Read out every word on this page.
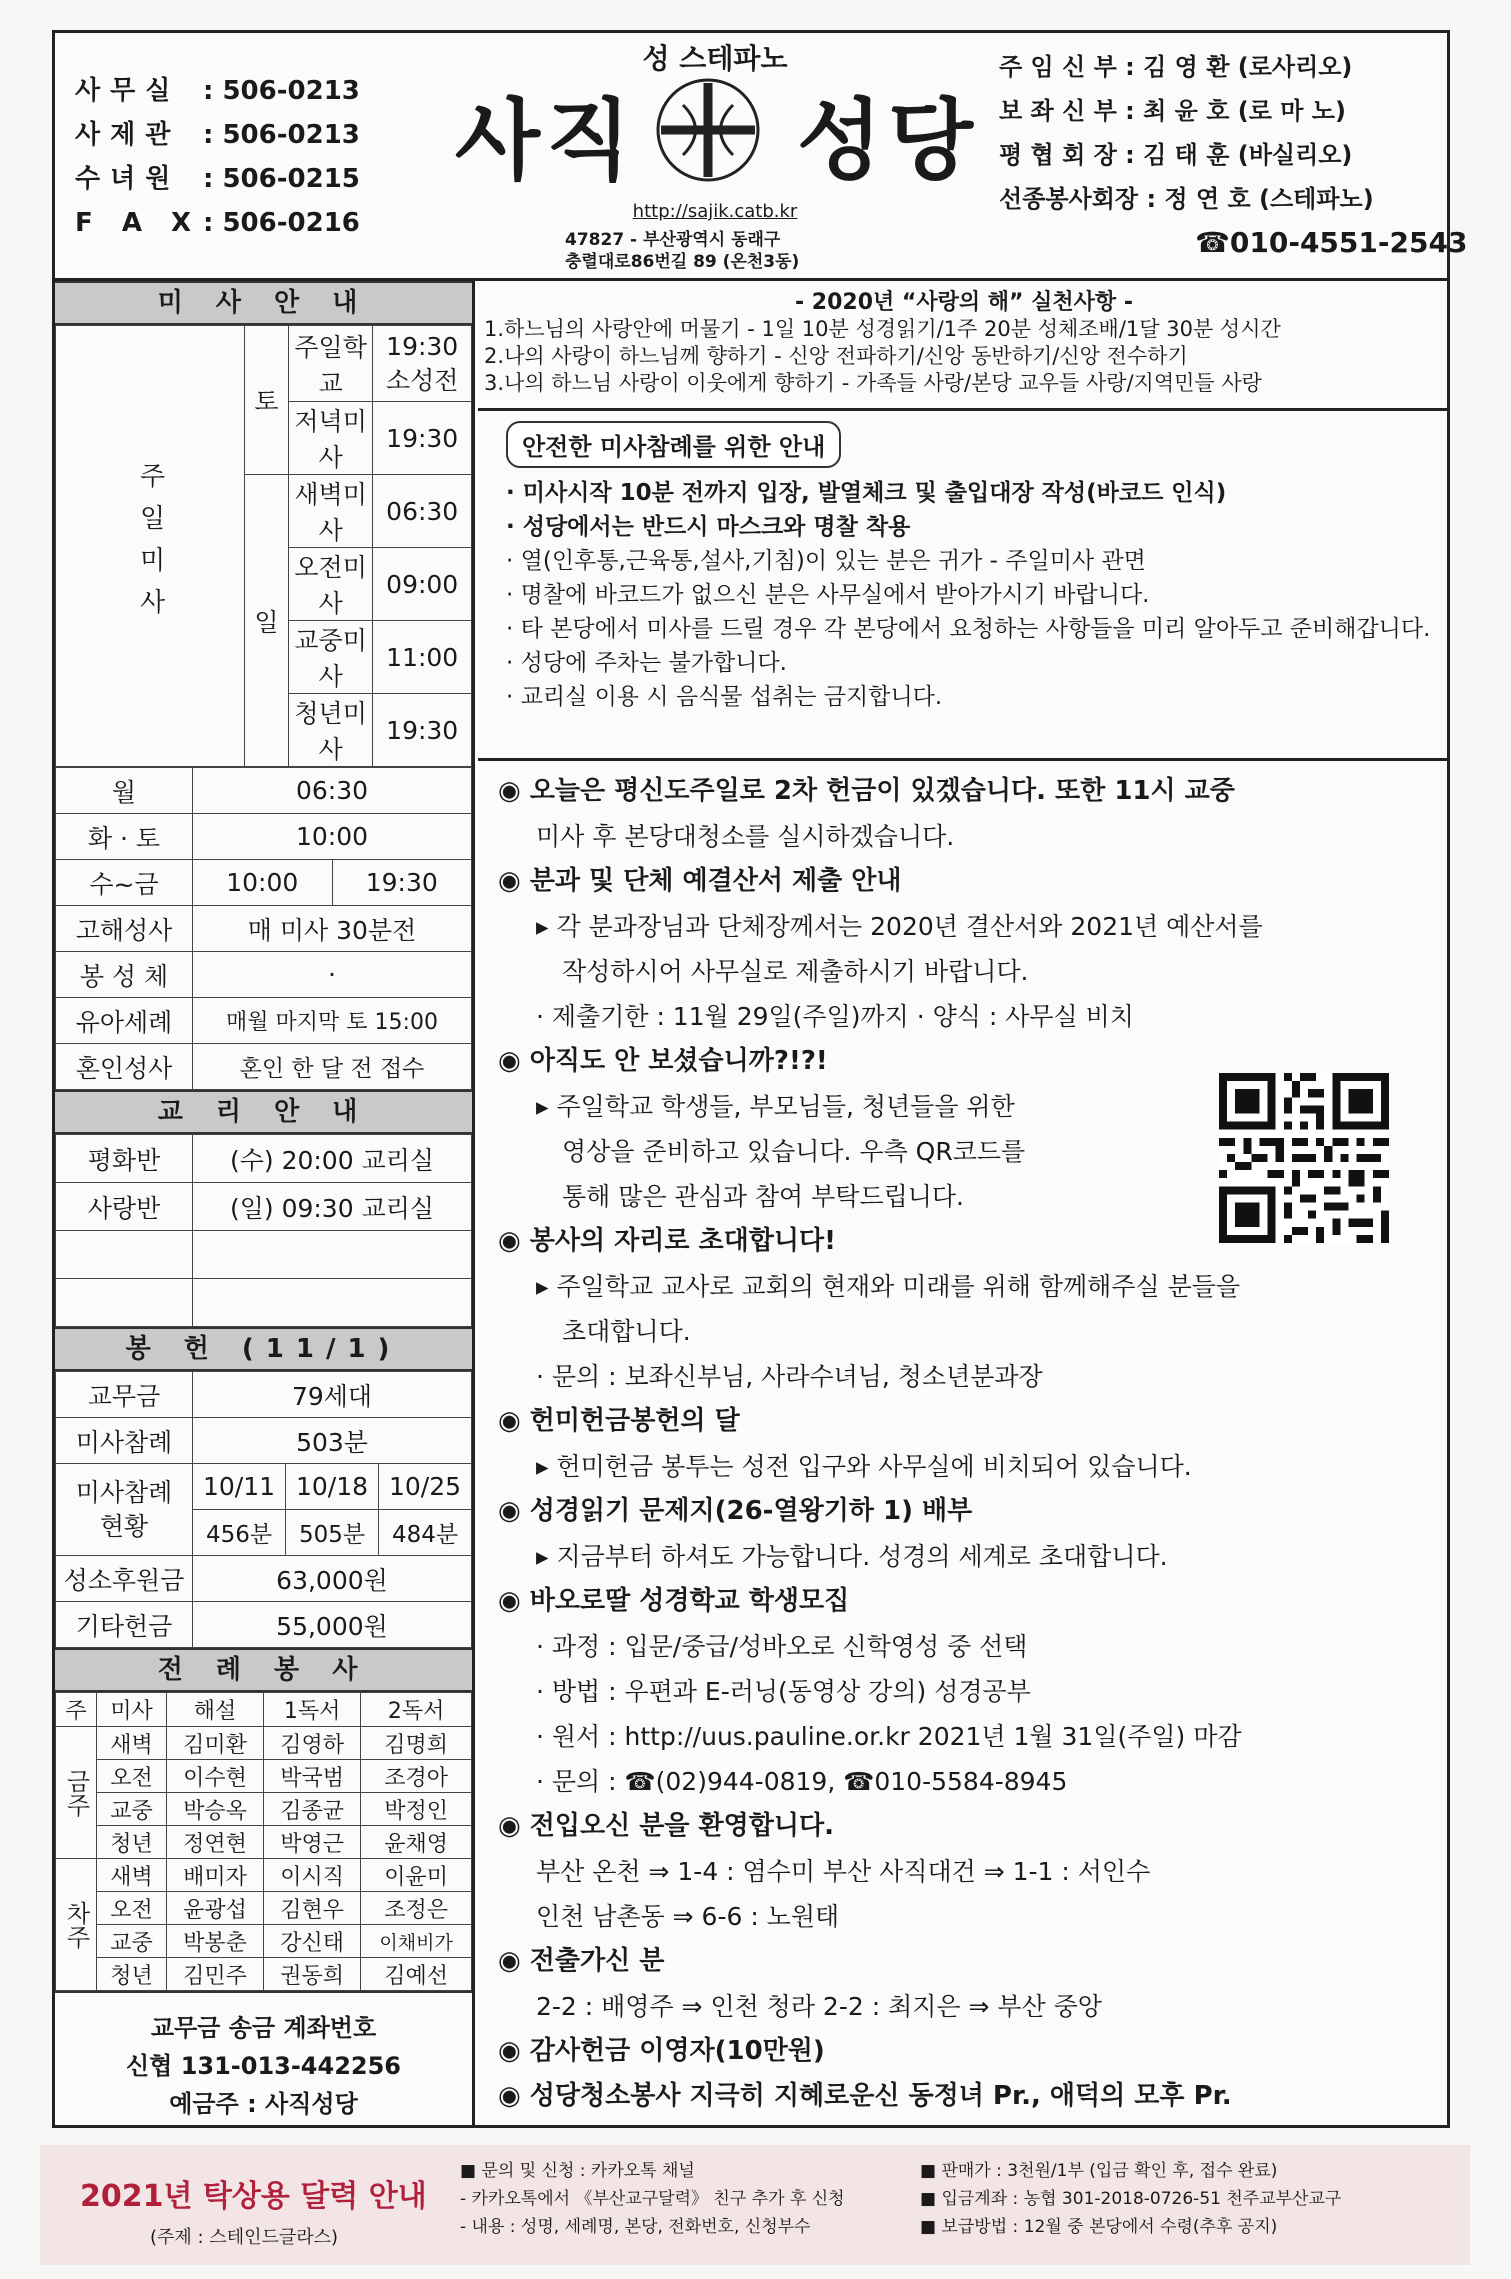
사무실 : 506-0213
사제관 : 506-0213
수녀원 : 506-0215
F A X : 506-0216
성 스테파노
사직 성당
http://sajik.catb.kr
47827 - 부산광역시 동래구
충렬대로86번길 89 (온천3동)
주 임 신 부 : 김 영 환 (로사리오)
보 좌 신 부 : 최 윤 호 (로 마 노)
평 협 회 장 : 김 태 훈 (바실리오)
선종봉사회장 : 정 연 호 (스테파노)
☎010-4551-2543
미 사 안 내
주일미사	토	주일학교	19:30 소성전
		저녁미사	19:30
	일	새벽미사	06:30
		오전미사	09:00
		교중미사	11:00
		청년미사	19:30
월	06:30	
화 · 토	10:00	
수~금	10:00	19:30
고해성사	매 미사 30분전	
봉 성 체	·	
유아세례	매월 마지막 토 15:00	
혼인성사	혼인 한 달 전 접수	
교 리 안 내
평화반	(수) 20:00 교리실
사랑반	(일) 09:30 교리실

봉 헌 (11/1)
교무금	79세대		
미사참례	503분		

미사참례
현황	10/11	10/18	10/25
	456분	505분	484분
성소후원금	63,000원		
기타헌금	55,000원		
전 례 봉 사
주	미사	해설	1독서	2독서
금주	새벽	김미환	김영하	김명희
	오전	이수현	박국범	조경아
	교중	박승옥	김종균	박정인
	청년	정연현	박영근	윤채영
차주	새벽	배미자	이시직	이윤미
	오전	윤광섭	김현우	조정은
	교중	박봉춘	강신태	이채비가
	청년	김민주	권동희	김예선
교무금 송금 계좌번호
신협 131-013-442256
예금주 : 사직성당
- 2020년 “사랑의 해” 실천사항 -
1.하느님의 사랑안에 머물기 - 1일 10분 성경읽기/1주 20분 성체조배/1달 30분 성시간
2.나의 사랑이 하느님께 향하기 - 신앙 전파하기/신앙 동반하기/신앙 전수하기
3.나의 하느님 사랑이 이웃에게 향하기 - 가족들 사랑/본당 교우들 사랑/지역민들 사랑
안전한 미사참례를 위한 안내
· 미사시작 10분 전까지 입장, 발열체크 및 출입대장 작성(바코드 인식)
· 성당에서는 반드시 마스크와 명찰 착용
· 열(인후통,근육통,설사,기침)이 있는 분은 귀가 - 주일미사 관면
· 명찰에 바코드가 없으신 분은 사무실에서 받아가시기 바랍니다.
· 타 본당에서 미사를 드릴 경우 각 본당에서 요청하는 사항들을 미리 알아두고 준비해갑니다.
· 성당에 주차는 불가합니다.
· 교리실 이용 시 음식물 섭취는 금지합니다.
◉ 오늘은 평신도주일로 2차 헌금이 있겠습니다. 또한 11시 교중
미사 후 본당대청소를 실시하겠습니다.
◉ 분과 및 단체 예결산서 제출 안내
▸ 각 분과장님과 단체장께서는 2020년 결산서와 2021년 예산서를
작성하시어 사무실로 제출하시기 바랍니다.
· 제출기한 : 11월 29일(주일)까지 · 양식 : 사무실 비치
◉ 아직도 안 보셨습니까?!?!
▸ 주일학교 학생들, 부모님들, 청년들을 위한
영상을 준비하고 있습니다. 우측 QR코드를
통해 많은 관심과 참여 부탁드립니다.
◉ 봉사의 자리로 초대합니다!
▸ 주일학교 교사로 교회의 현재와 미래를 위해 함께해주실 분들을
초대합니다.
· 문의 : 보좌신부님, 사라수녀님, 청소년분과장
◉ 헌미헌금봉헌의 달
▸ 헌미헌금 봉투는 성전 입구와 사무실에 비치되어 있습니다.
◉ 성경읽기 문제지(26-열왕기하 1) 배부
▸ 지금부터 하셔도 가능합니다. 성경의 세계로 초대합니다.
◉ 바오로딸 성경학교 학생모집
· 과정 : 입문/중급/성바오로 신학영성 중 선택
· 방법 : 우편과 E-러닝(동영상 강의) 성경공부
· 원서 : http://uus.pauline.or.kr 2021년 1월 31일(주일) 마감
· 문의 : ☎(02)944-0819, ☎010-5584-8945
◉ 전입오신 분을 환영합니다.
부산 온천 ⇒ 1-4 : 염수미 부산 사직대건 ⇒ 1-1 : 서인수
인천 남촌동 ⇒ 6-6 : 노원태
◉ 전출가신 분
2-2 : 배영주 ⇒ 인천 청라 2-2 : 최지은 ⇒ 부산 중앙
◉ 감사헌금 이영자(10만원)
◉ 성당청소봉사 지극히 지혜로운신 동정녀 Pr., 애덕의 모후 Pr.
2021년 탁상용 달력 안내
(주제 : 스테인드글라스)
■ 문의 및 신청 : 카카오톡 채널
- 카카오톡에서 《부산교구달력》 친구 추가 후 신청
- 내용 : 성명, 세례명, 본당, 전화번호, 신청부수
■ 판매가 : 3천원/1부 (입금 확인 후, 접수 완료)
■ 입금계좌 : 농협 301-2018-0726-51 천주교부산교구
■ 보급방법 : 12월 중 본당에서 수령(추후 공지)
